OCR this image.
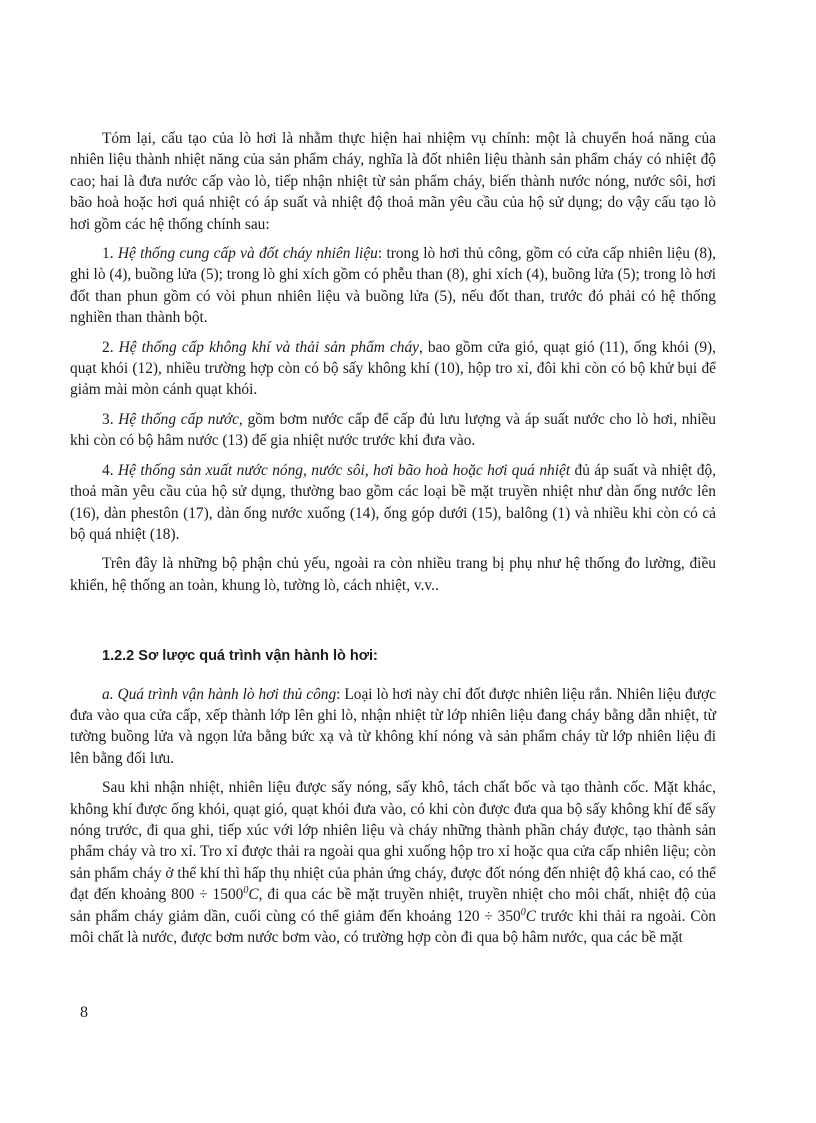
Tóm lại, cấu tạo của lò hơi là nhằm thực hiện hai nhiệm vụ chính: một là chuyển hoá năng của nhiên liệu thành nhiệt năng của sản phẩm cháy, nghĩa là đốt nhiên liệu thành sản phẩm cháy có nhiệt độ cao; hai là đưa nước cấp vào lò, tiếp nhận nhiệt từ sản phẩm cháy, biến thành nước nóng, nước sôi, hơi bão hoà hoặc hơi quá nhiệt có áp suất và nhiệt độ thoả mãn yêu cầu của hộ sử dụng; do vậy cấu tạo lò hơi gồm các hệ thống chính sau:

1. Hệ thống cung cấp và đốt cháy nhiên liệu: trong lò hơi thủ công, gồm có cửa cấp nhiên liệu (8), ghi lò (4), buồng lửa (5); trong lò ghi xích gồm có phễu than (8), ghi xích (4), buồng lửa (5); trong lò hơi đốt than phun gồm có vòi phun nhiên liệu và buồng lửa (5), nếu đốt than, trước đó phải có hệ thống nghiền than thành bột.

2. Hệ thống cấp không khí và thải sản phẩm cháy, bao gồm cửa gió, quạt gió (11), ống khói (9), quạt khói (12), nhiều trường hợp còn có bộ sấy không khí (10), hộp tro xỉ, đôi khi còn có bộ khử bụi để giảm mài mòn cánh quạt khói.

3. Hệ thống cấp nước, gồm bơm nước cấp để cấp đủ lưu lượng và áp suất nước cho lò hơi, nhiều khi còn có bộ hâm nước (13) để gia nhiệt nước trước khi đưa vào.

4. Hệ thống sản xuất nước nóng, nước sôi, hơi bão hoà hoặc hơi quá nhiệt đủ áp suất và nhiệt độ, thoả mãn yêu cầu của hộ sử dụng, thường bao gồm các loại bề mặt truyền nhiệt như dàn ống nước lên (16), dàn phestôn (17), dàn ống nước xuống (14), ống góp dưới (15), balông (1) và nhiều khi còn có cả bộ quá nhiệt (18).

Trên đây là những bộ phận chủ yếu, ngoài ra còn nhiều trang bị phụ như hệ thống đo lường, điều khiển, hệ thống an toàn, khung lò, tường lò, cách nhiệt, v.v..

1.2.2 Sơ lược quá trình vận hành lò hơi:

a. Quá trình vận hành lò hơi thủ công: Loại lò hơi này chỉ đốt được nhiên liệu rắn. Nhiên liệu được đưa vào qua cửa cấp, xếp thành lớp lên ghi lò, nhận nhiệt từ lớp nhiên liệu đang cháy bằng dẫn nhiệt, từ tường buồng lửa và ngọn lửa bằng bức xạ và từ không khí nóng và sản phẩm cháy từ lớp nhiên liệu đi lên bằng đối lưu.

Sau khi nhận nhiệt, nhiên liệu được sấy nóng, sấy khô, tách chất bốc và tạo thành cốc. Mặt khác, không khí được ống khói, quạt gió, quạt khói đưa vào, có khi còn được đưa qua bộ sấy không khí để sấy nóng trước, đi qua ghi, tiếp xúc với lớp nhiên liệu và cháy những thành phần cháy được, tạo thành sản phẩm cháy và tro xỉ. Tro xỉ được thải ra ngoài qua ghi xuống hộp tro xỉ hoặc qua cửa cấp nhiên liệu; còn sản phẩm cháy ở thể khí thì hấp thụ nhiệt của phản ứng cháy, được đốt nóng đến nhiệt độ khá cao, có thể đạt đến khoảng $800 \div 1500^0C$, đi qua các bề mặt truyền nhiệt, truyền nhiệt cho môi chất, nhiệt độ của sản phẩm cháy giảm dần, cuối cùng có thể giảm đến khoảng $120 \div 350^0C$ trước khi thải ra ngoài. Còn môi chất là nước, được bơm nước bơm vào, có trường hợp còn đi qua bộ hâm nước, qua các bề mặt

8
